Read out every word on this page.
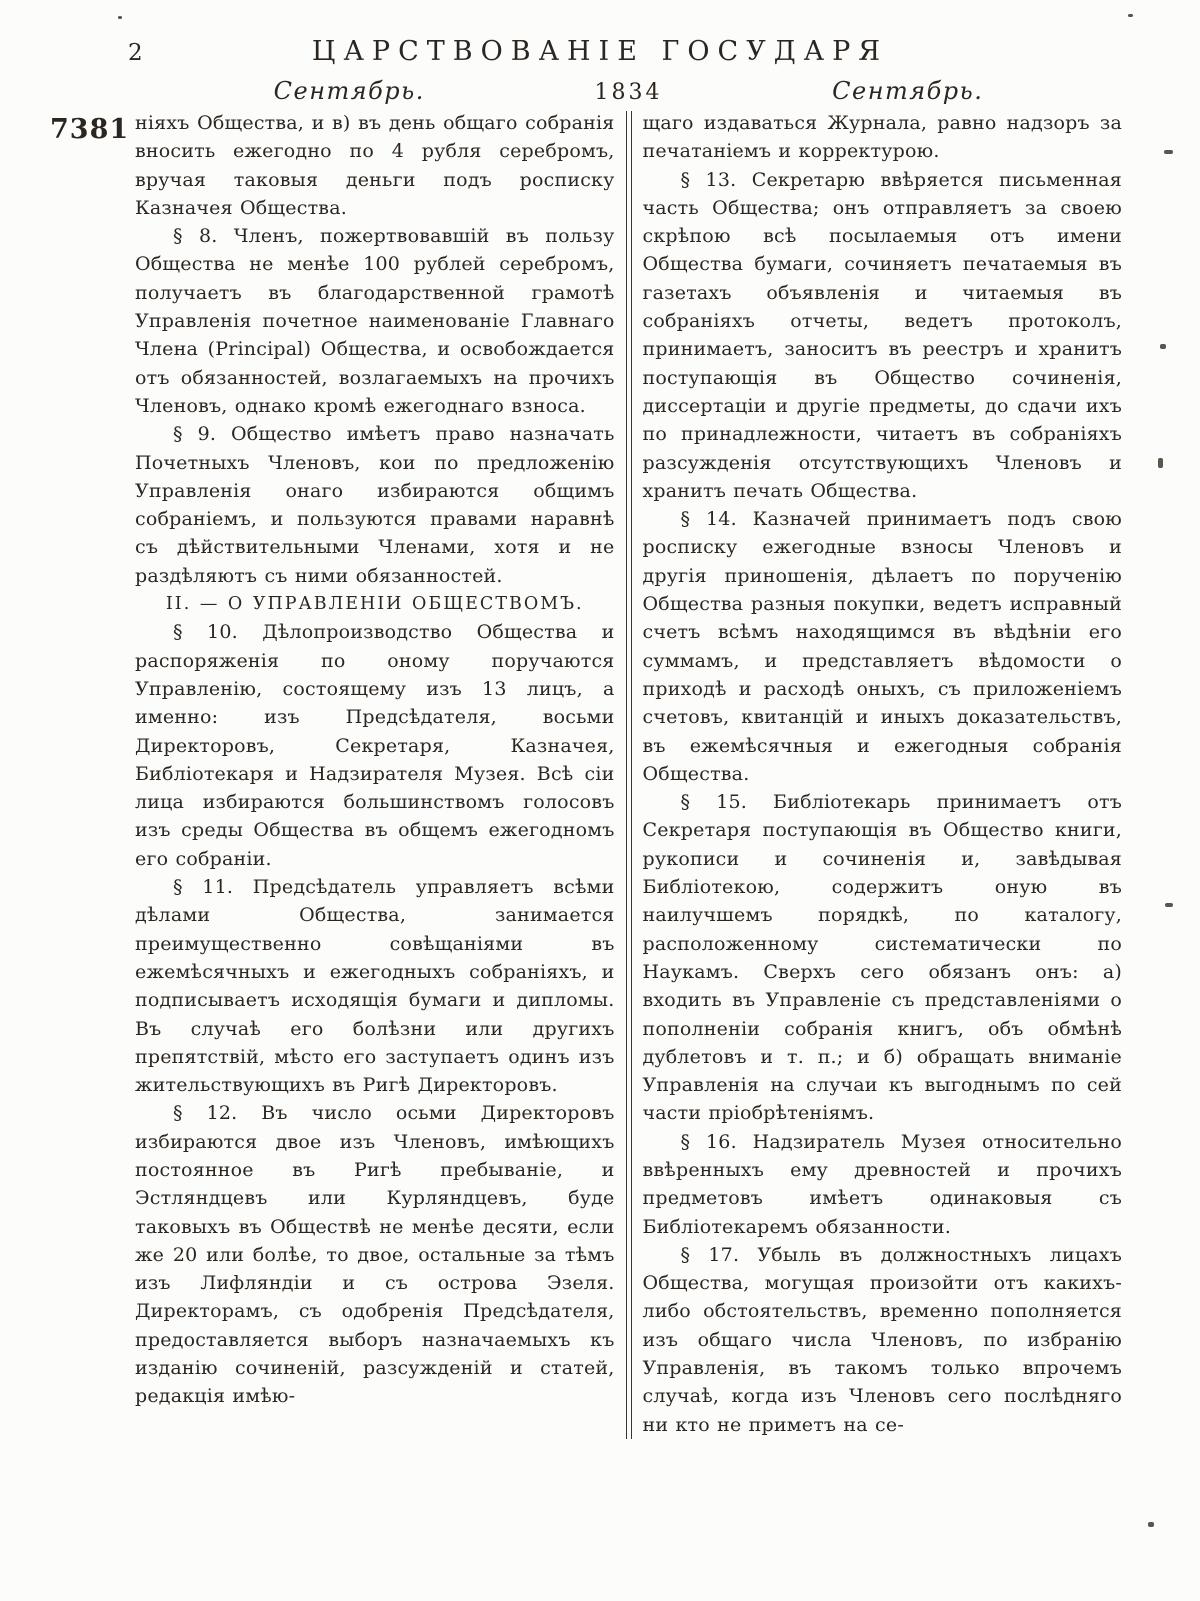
2	ЦАРСТВОВАНІЕ ГОСУДАРЯ
Сентябрь.	1834	Сентябрь.
7381 ніяхъ Общества, и в) въ день общаго собранія вносить ежегодно по 4 рубля серебромъ, вручая таковыя деньги подъ росписку Казначея Общества.

§ 8. Членъ, пожертвовавшій въ пользу Общества не менѣе 100 рублей серебромъ, получаетъ въ благодарственной грамотѣ Управленія почетное наименованіе Главнаго Члена (Principal) Общества, и освобождается отъ обязанностей, возлагаемыхъ на прочихъ Членовъ, однако кромѣ ежегоднаго взноса.

§ 9. Общество имѣетъ право назначать Почетныхъ Членовъ, кои по предложенію Управленія онаго избираются общимъ собраніемъ, и пользуются правами наравнѣ съ дѣйствительными Членами, хотя и не раздѣляютъ съ ними обязанностей.

II. — О УПРАВЛЕНІИ ОБЩЕСТВОМЪ.

§ 10. Дѣлопроизводство Общества и распоряженія по оному поручаются Управленію, состоящему изъ 13 лицъ, а именно: изъ Предсѣдателя, восьми Директоровъ, Секретаря, Казначея, Библіотекаря и Надзирателя Музея. Всѣ сіи лица избираются большинствомъ голосовъ изъ среды Общества въ общемъ ежегодномъ его собраніи.

§ 11. Предсѣдатель управляетъ всѣми дѣлами Общества, занимается преимущественно совѣщаніями въ ежемѣсячныхъ и ежегодныхъ собраніяхъ, и подписываетъ исходящія бумаги и дипломы. Въ случаѣ его болѣзни или другихъ препятствій, мѣсто его заступаетъ одинъ изъ жительствующихъ въ Ригѣ Директоровъ.

§ 12. Въ число осьми Директоровъ избираются двое изъ Членовъ, имѣющихъ постоянное въ Ригѣ пребываніе, и Эстляндцевъ или Курляндцевъ, буде таковыхъ въ Обществѣ не менѣе десяти, если же 20 или болѣе, то двое, остальные за тѣмъ изъ Лифляндіи и съ острова Эзеля. Директорамъ, съ одобренія Предсѣдателя, предоставляется выборъ назначаемыхъ къ изданію сочиненій, разсужденій и статей, редакція имѣю-

щаго издаваться Журнала, равно надзоръ за печатаніемъ и корректурою.

§ 13. Секретарю ввѣряется письменная часть Общества; онъ отправляетъ за своею скрѣпою всѣ посылаемыя отъ имени Общества бумаги, сочиняетъ печатаемыя въ газетахъ объявленія и читаемыя въ собраніяхъ отчеты, ведетъ протоколъ, принимаетъ, заноситъ въ реестръ и хранитъ поступающія въ Общество сочиненія, диссертаціи и другіе предметы, до сдачи ихъ по принадлежности, читаетъ въ собраніяхъ разсужденія отсутствующихъ Членовъ и хранитъ печать Общества.

§ 14. Казначей принимаетъ подъ свою росписку ежегодные взносы Членовъ и другія приношенія, дѣлаетъ по порученію Общества разныя покупки, ведетъ исправный счетъ всѣмъ находящимся въ вѣдѣніи его суммамъ, и представляетъ вѣдомости о приходѣ и расходѣ оныхъ, съ приложеніемъ счетовъ, квитанцій и иныхъ доказательствъ, въ ежемѣсячныя и ежегодныя собранія Общества.

§ 15. Библіотекарь принимаетъ отъ Секретаря поступающія въ Общество книги, рукописи и сочиненія и, завѣдывая Библіотекою, содержитъ оную въ наилучшемъ порядкѣ, по каталогу, расположенному систематически по Наукамъ. Сверхъ сего обязанъ онъ: а) входить въ Управленіе съ представленіями о пополненіи собранія книгъ, объ обмѣнѣ дублетовъ и т. п.; и б) обращать вниманіе Управленія на случаи къ выгоднымъ по сей части пріобрѣтеніямъ.

§ 16. Надзиратель Музея относительно ввѣренныхъ ему древностей и прочихъ предметовъ имѣетъ одинаковыя съ Библіотекаремъ обязанности.

§ 17. Убыль въ должностныхъ лицахъ Общества, могущая произойти отъ какихъ-либо обстоятельствъ, временно пополняется изъ общаго числа Членовъ, по избранію Управленія, въ такомъ только впрочемъ случаѣ, когда изъ Членовъ сего послѣдняго ни кто не приметъ на се-
